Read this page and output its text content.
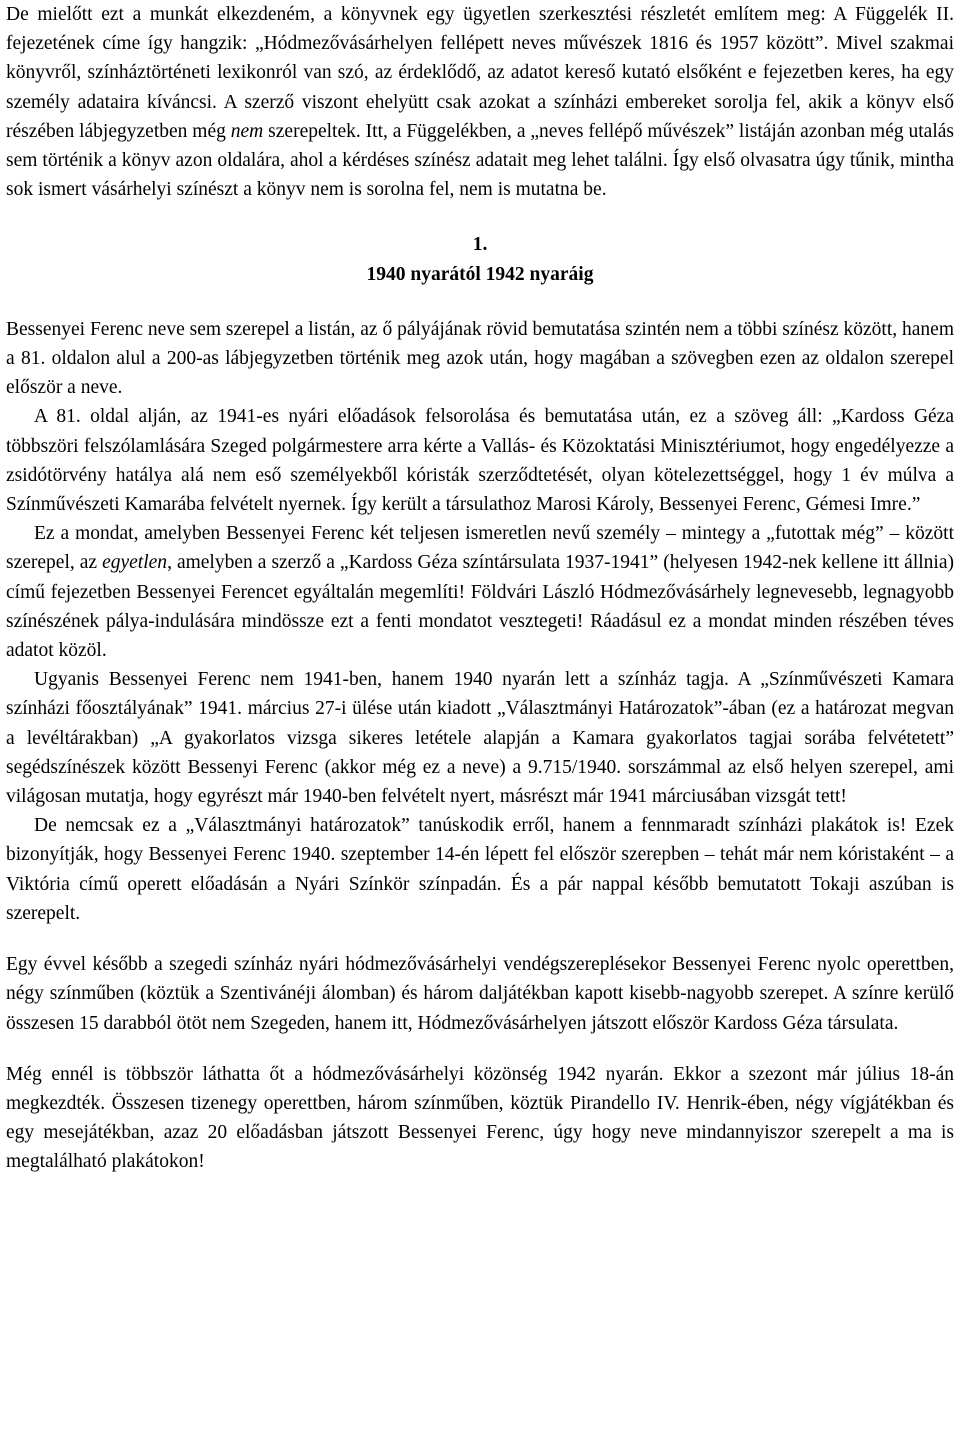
De mielőtt ezt a munkát elkezdeném, a könyvnek egy ügyetlen szerkesztési részletét említem meg: A Függelék II. fejezetének címe így hangzik: „Hódmezővásárhelyen fellépett neves művészek 1816 és 1957 között”. Mivel szakmai könyvről, színháztörténeti lexikonról van szó, az érdeklődő, az adatot kereső kutató elsőként e fejezetben keres, ha egy személy adataira kíváncsi. A szerző viszont ehelyütt csak azokat a színházi embereket sorolja fel, akik a könyv első részében lábjegyzetben még nem szerepeltek. Itt, a Függelékben, a „neves fellépő művészek” listáján azonban még utalás sem történik a könyv azon oldalára, ahol a kérdéses színész adatait meg lehet találni. Így első olvasatra úgy tűnik, mintha sok ismert vásárhelyi színészt a könyv nem is sorolna fel, nem is mutatna be.

1.

1940 nyarától 1942 nyaráig

Bessenyei Ferenc neve sem szerepel a listán, az ő pályájának rövid bemutatása szintén nem a többi színész között, hanem a 81. oldalon alul a 200-as lábjegyzetben történik meg azok után, hogy magában a szövegben ezen az oldalon szerepel először a neve.

A 81. oldal alján, az 1941-es nyári előadások felsorolása és bemutatása után, ez a szöveg áll: „Kardoss Géza többszöri felszólamlására Szeged polgármestere arra kérte a Vallás- és Közoktatási Minisztériumot, hogy engedélyezze a zsidótörvény hatálya alá nem eső személyekből kóristák szerződtetését, olyan kötelezettséggel, hogy 1 év múlva a Színművészeti Kamarába felvételt nyernek. Így került a társulathoz Marosi Károly, Bessenyei Ferenc, Gémesi Imre.”

Ez a mondat, amelyben Bessenyei Ferenc két teljesen ismeretlen nevű személy – mintegy a „futottak még” – között szerepel, az egyetlen, amelyben a szerző a „Kardoss Géza színtársulata 1937-1941” (helyesen 1942-nek kellene itt állnia) című fejezetben Bessenyei Ferencet egyáltalán megemlíti! Földvári László Hódmezővásárhely legnevesebb, legnagyobb színészének pálya-indulására mindössze ezt a fenti mondatot vesztegeti! Ráadásul ez a mondat minden részében téves adatot közöl.

Ugyanis Bessenyei Ferenc nem 1941-ben, hanem 1940 nyarán lett a színház tagja. A „Színművészeti Kamara színházi főosztályának” 1941. március 27-i ülése után kiadott „Választmányi Határozatok”-ában (ez a határozat megvan a levéltárakban) „A gyakorlatos vizsga sikeres letétele alapján a Kamara gyakorlatos tagjai sorába felvétetett” segédszínészek között Bessenyi Ferenc (akkor még ez a neve) a 9.715/1940. sorszámmal az első helyen szerepel, ami világosan mutatja, hogy egyrészt már 1940-ben felvételt nyert, másrészt már 1941 márciusában vizsgát tett!

De nemcsak ez a „Választmányi határozatok” tanúskodik erről, hanem a fennmaradt színházi plakátok is! Ezek bizonyítják, hogy Bessenyei Ferenc 1940. szeptember 14-én lépett fel először szerepben – tehát már nem kóristaként – a Viktória című operett előadásán a Nyári Színkör színpadán. És a pár nappal később bemutatott Tokaji aszúban is szerepelt.

Egy évvel később a szegedi színház nyári hódmezővásárhelyi vendégszereplésekor Bessenyei Ferenc nyolc operettben, négy színműben (köztük a Szentivánéji álomban) és három daljátékban kapott kisebb-nagyobb szerepet. A színre kerülő összesen 15 darabból ötöt nem Szegeden, hanem itt, Hódmezővásárhelyen játszott először Kardoss Géza társulata.

Még ennél is többször láthatta őt a hódmezővásárhelyi közönség 1942 nyarán. Ekkor a szezont már július 18-án megkezdték. Összesen tizenegy operettben, három színműben, köztük Pirandello IV. Henrik-ében, négy vígjátékban és egy mesejátékban, azaz 20 előadásban játszott Bessenyei Ferenc, úgy hogy neve mindannyiszor szerepelt a ma is megtalálható plakátokon!
